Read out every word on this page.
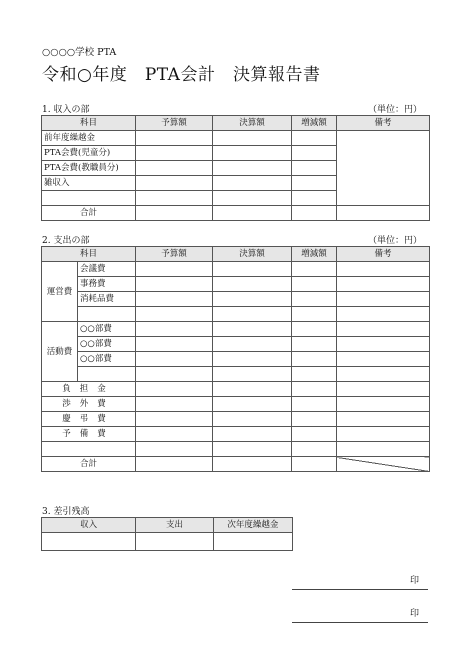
○○○○学校 PTA
令和○年度　PTA会計　決算報告書
1. 収入の部	（単位：円）
科目	予算額	決算額	増減額	備考
前年度繰越金				
PTA会費(児童分)				
PTA会費(教職員分)				
雑収入				

合計				
2. 支出の部	（単位：円）
科目		予算額	決算額	増減額	備考
運営費	会議費				
	事務費				
	消耗品費				

活動費	○○部費				
	○○部費				
	○○部費				

負担金					
渉外費					
慶弔費					
予備費					

合計					
3. 差引残高
収入	支出	次年度繰越金

印
印
